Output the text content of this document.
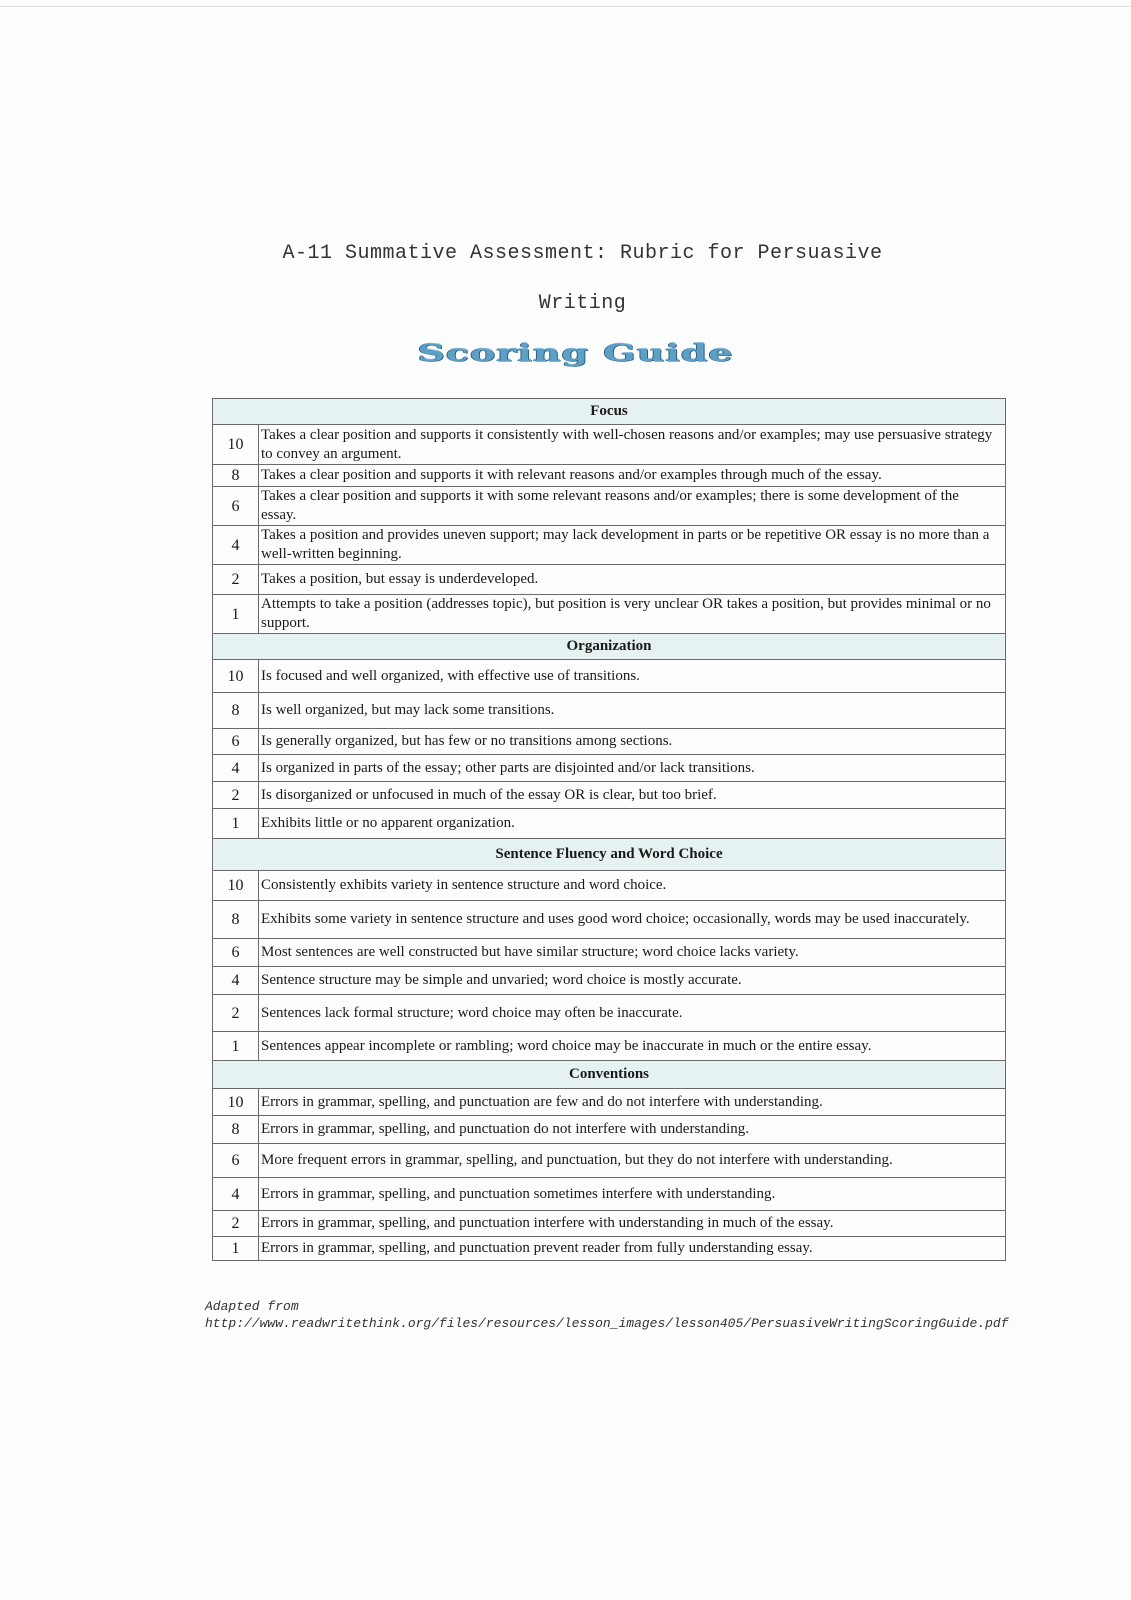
A-11 Summative Assessment: Rubric for Persuasive
Writing
Scoring Guide
Focus	
10	Takes a clear position and supports it consistently with well-chosen reasons and/or examples; may use persuasive strategy to convey an argument.
8	Takes a clear position and supports it with relevant reasons and/or examples through much of the essay.
6	Takes a clear position and supports it with some relevant reasons and/or examples; there is some development of the essay.
4	Takes a position and provides uneven support; may lack development in parts or be repetitive OR essay is no more than a well-written beginning.
2	Takes a position, but essay is underdeveloped.
1	Attempts to take a position (addresses topic), but position is very unclear OR takes a position, but provides minimal or no support.
Organization	
10	Is focused and well organized, with effective use of transitions.
8	Is well organized, but may lack some transitions.
6	Is generally organized, but has few or no transitions among sections.
4	Is organized in parts of the essay; other parts are disjointed and/or lack transitions.
2	Is disorganized or unfocused in much of the essay OR is clear, but too brief.
1	Exhibits little or no apparent organization.
Sentence Fluency and Word Choice	
10	Consistently exhibits variety in sentence structure and word choice.
8	Exhibits some variety in sentence structure and uses good word choice; occasionally, words may be used inaccurately.
6	Most sentences are well constructed but have similar structure; word choice lacks variety.
4	Sentence structure may be simple and unvaried; word choice is mostly accurate.
2	Sentences lack formal structure; word choice may often be inaccurate.
1	Sentences appear incomplete or rambling; word choice may be inaccurate in much or the entire essay.
Conventions	
10	Errors in grammar, spelling, and punctuation are few and do not interfere with understanding.
8	Errors in grammar, spelling, and punctuation do not interfere with understanding.
6	More frequent errors in grammar, spelling, and punctuation, but they do not interfere with understanding.
4	Errors in grammar, spelling, and punctuation sometimes interfere with understanding.
2	Errors in grammar, spelling, and punctuation interfere with understanding in much of the essay.
1	Errors in grammar, spelling, and punctuation prevent reader from fully understanding essay.
Adapted from
http://www.readwritethink.org/files/resources/lesson_images/lesson405/PersuasiveWritingScoringGuide.pdf
